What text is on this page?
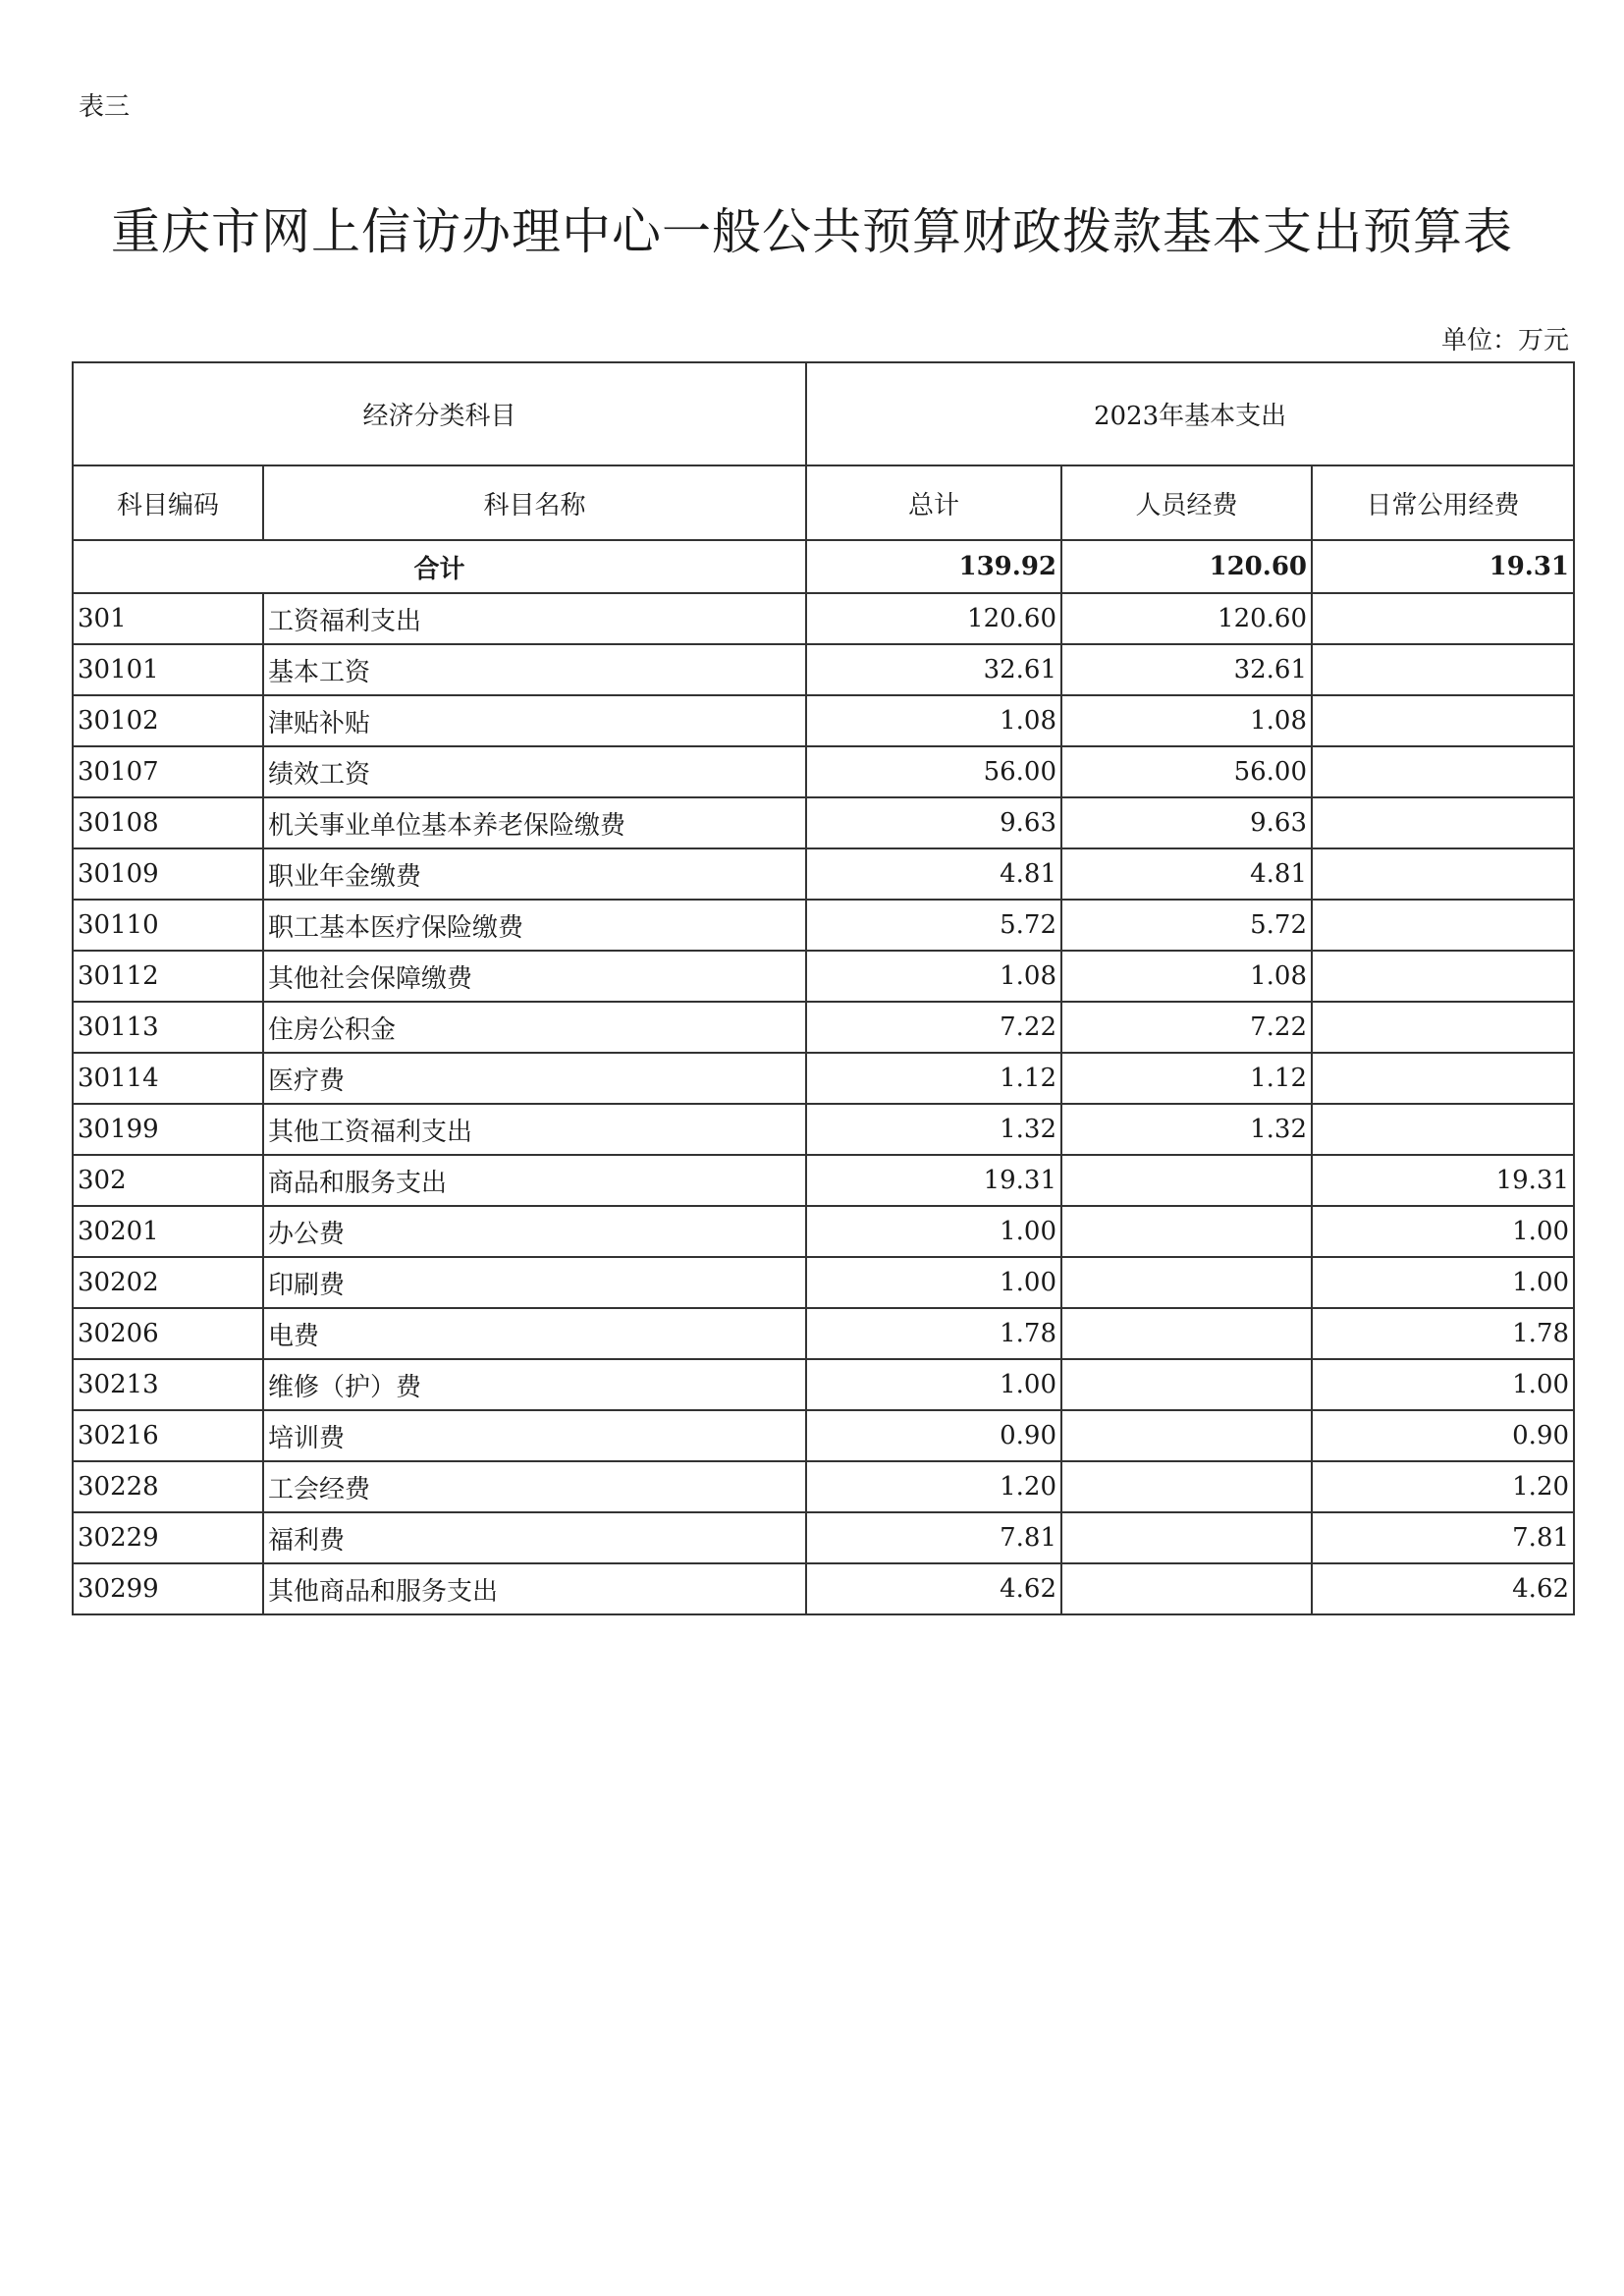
表三
重庆市网上信访办理中心一般公共预算财政拨款基本支出预算表
单位：万元
经济分类科目		2023年基本支出		
科目编码	科目名称	总计	人员经费	日常公用经费
合计		139.92	120.60	19.31
301	工资福利支出	120.60	120.60	
30101	基本工资	32.61	32.61	
30102	津贴补贴	1.08	1.08	
30107	绩效工资	56.00	56.00	
30108	机关事业单位基本养老保险缴费	9.63	9.63	
30109	职业年金缴费	4.81	4.81	
30110	职工基本医疗保险缴费	5.72	5.72	
30112	其他社会保障缴费	1.08	1.08	
30113	住房公积金	7.22	7.22	
30114	医疗费	1.12	1.12	
30199	其他工资福利支出	1.32	1.32	
302	商品和服务支出	19.31		19.31
30201	办公费	1.00		1.00
30202	印刷费	1.00		1.00
30206	电费	1.78		1.78
30213	维修（护）费	1.00		1.00
30216	培训费	0.90		0.90
30228	工会经费	1.20		1.20
30229	福利费	7.81		7.81
30299	其他商品和服务支出	4.62		4.62
